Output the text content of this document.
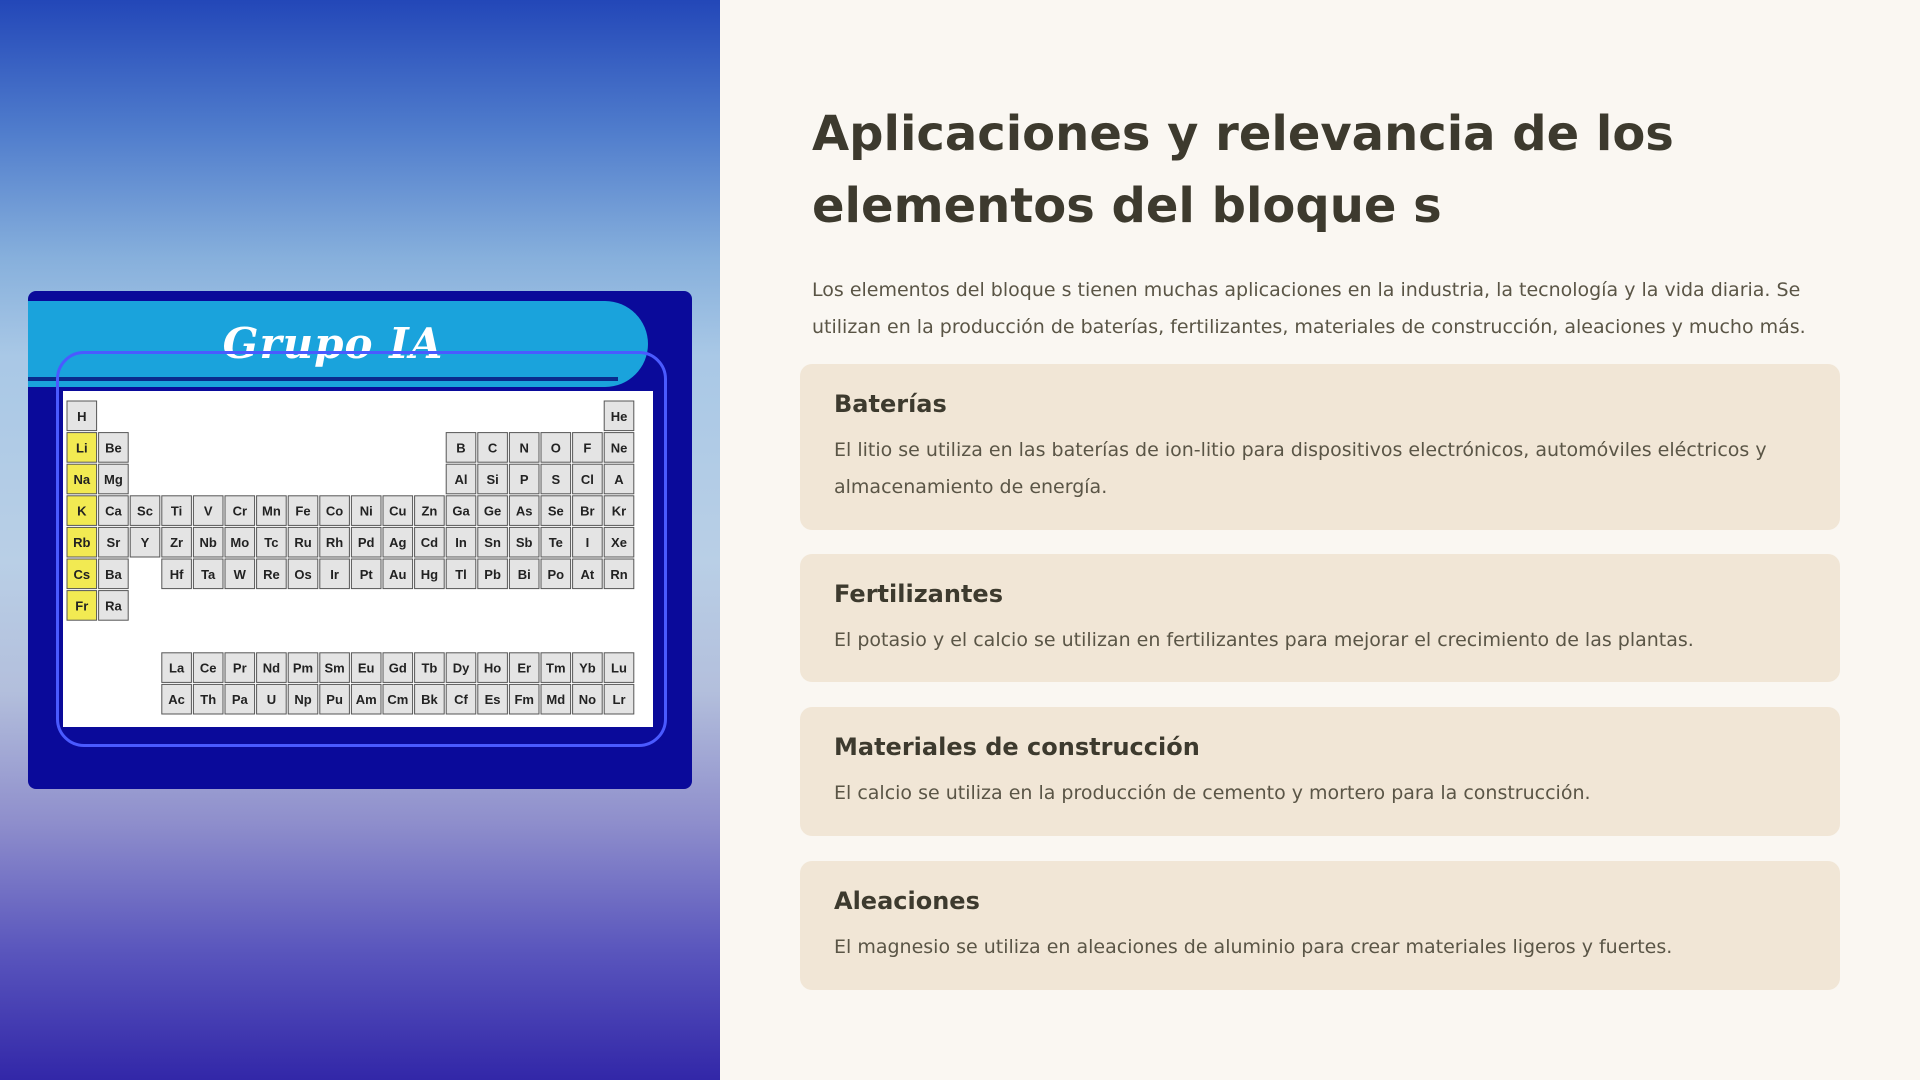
Grupo IA
H	He
Li Be	B C N O F Ne
Na Mg	Al Si P S Cl A
K Ca Sc Ti V Cr Mn Fe Co Ni Cu Zn Ga Ge As Se Br Kr
Rb Sr Y Zr Nb Mo Tc Ru Rh Pd Ag Cd In Sn Sb Te I Xe
Cs Ba	Hf Ta W Re Os Ir Pt Au Hg Tl Pb Bi Po At Rn
Fr Ra
La Ce Pr Nd Pm Sm Eu Gd Tb Dy Ho Er Tm Yb Lu
Ac Th Pa U Np Pu Am Cm Bk Cf Es Fm Md No Lr
Aplicaciones y relevancia de los elementos del bloque s

Los elementos del bloque s tienen muchas aplicaciones en la industria, la tecnología y la vida diaria. Se utilizan en la producción de baterías, fertilizantes, materiales de construcción, aleaciones y mucho más.

Baterías

El litio se utiliza en las baterías de ion-litio para dispositivos electrónicos, automóviles eléctricos y almacenamiento de energía.

Fertilizantes

El potasio y el calcio se utilizan en fertilizantes para mejorar el crecimiento de las plantas.

Materiales de construcción

El calcio se utiliza en la producción de cemento y mortero para la construcción.

Aleaciones

El magnesio se utiliza en aleaciones de aluminio para crear materiales ligeros y fuertes.
